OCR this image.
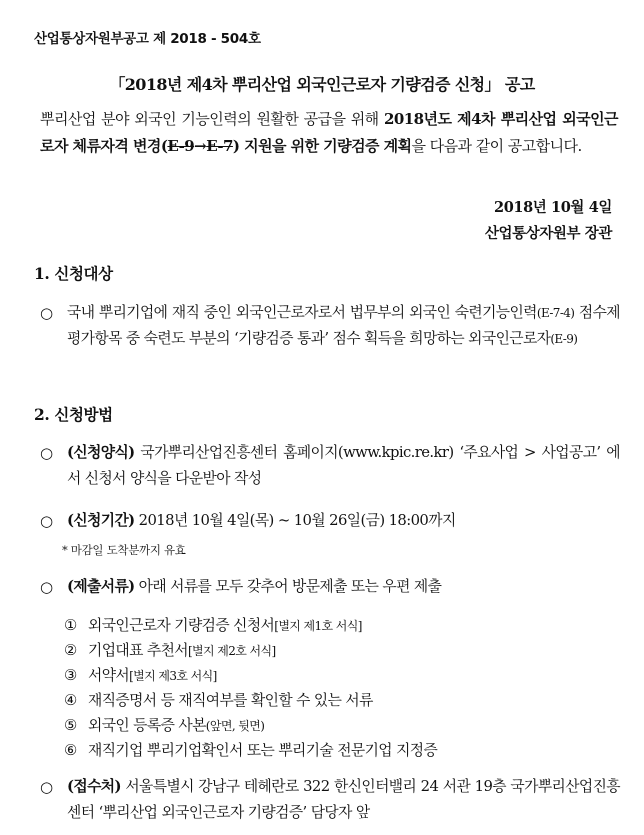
산업통상자원부공고 제 2018 - 504호
「2018년 제4차 뿌리산업 외국인근로자 기량검증 신청」 공고
뿌리산업 분야 외국인 기능인력의 원활한 공급을 위해 2018년도 제4차 뿌리산업 외국인근로자 체류자격 변경(E-9→E-7) 지원을 위한 기량검증 계획을 다음과 같이 공고합니다.
2018년 10월 4일
산업통상자원부 장관
1. 신청대상
○ 국내 뿌리기업에 재직 중인 외국인근로자로서 법무부의 외국인 숙련기능인력(E-7-4) 점수제 평가항목 중 숙련도 부분의 ‘기량검증 통과’ 점수 획득을 희망하는 외국인근로자(E-9)
2. 신청방법
○ (신청양식) 국가뿌리산업진흥센터 홈페이지(www.kpic.re.kr) ‘주요사업 > 사업공고’ 에서 신청서 양식을 다운받아 작성
○ (신청기간) 2018년 10월 4일(목) ~ 10월 26일(금) 18:00까지
* 마감일 도착분까지 유효
○ (제출서류) 아래 서류를 모두 갖추어 방문제출 또는 우편 제출
① 외국인근로자 기량검증 신청서[별지 제1호 서식]
② 기업대표 추천서[별지 제2호 서식]
③ 서약서[별지 제3호 서식]
④ 재직증명서 등 재직여부를 확인할 수 있는 서류
⑤ 외국인 등록증 사본(앞면, 뒷면)
⑥ 재직기업 뿌리기업확인서 또는 뿌리기술 전문기업 지정증
○ (접수처) 서울특별시 강남구 테헤란로 322 한신인터밸리 24 서관 19층 국가뿌리산업진흥센터 ‘뿌리산업 외국인근로자 기량검증’ 담당자 앞
